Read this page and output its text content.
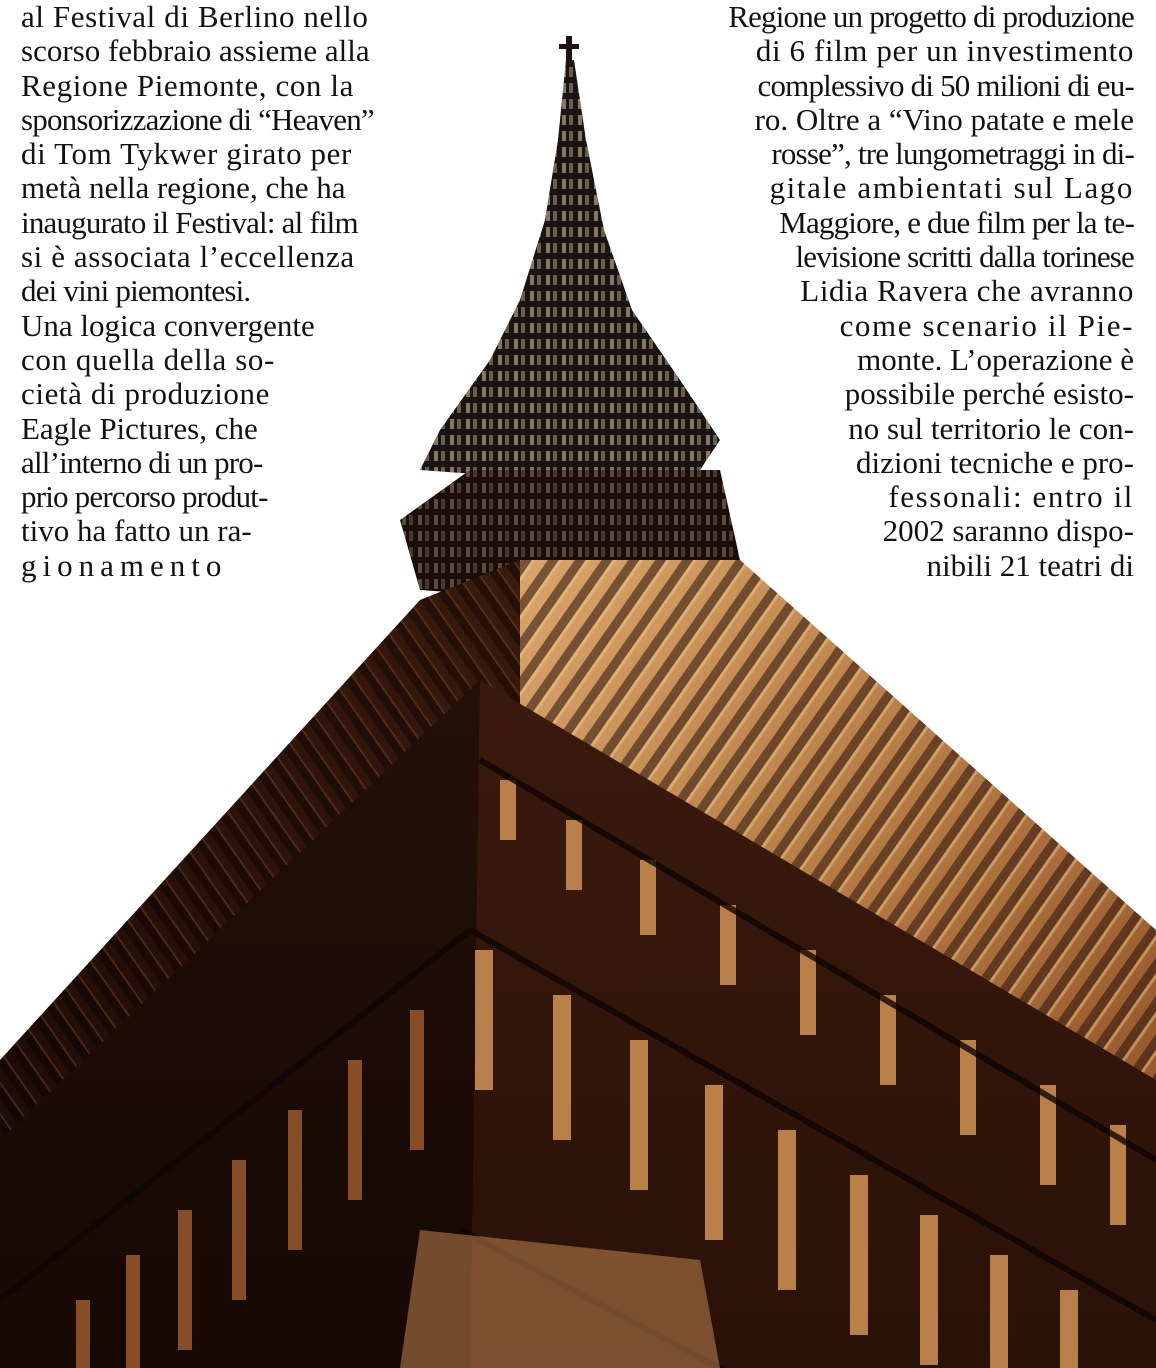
al Festival di Berlino nello
scorso febbraio assieme alla
Regione Piemonte, con la
sponsorizzazione di “Heaven”
di Tom Tykwer girato per
metà nella regione, che ha
inaugurato il Festival: al film
si è associata l’eccellenza
dei vini piemontesi.
Una logica convergente
con quella della so-
cietà di produzione
Eagle Pictures, che
all’interno di un pro-
prio percorso produt-
tivo ha fatto un ra-
gionamento
Regione un progetto di produzione
di 6 film per un investimento
complessivo di 50 milioni di eu-
ro. Oltre a “Vino patate e mele
rosse”, tre lungometraggi in di-
gitale ambientati sul Lago
Maggiore, e due film per la te-
levisione scritti dalla torinese
Lidia Ravera che avranno
come scenario il Pie-
monte. L’operazione è
possibile perché esisto-
no sul territorio le con-
dizioni tecniche e pro-
fessonali: entro il
2002 saranno dispo-
nibili 21 teatri di
